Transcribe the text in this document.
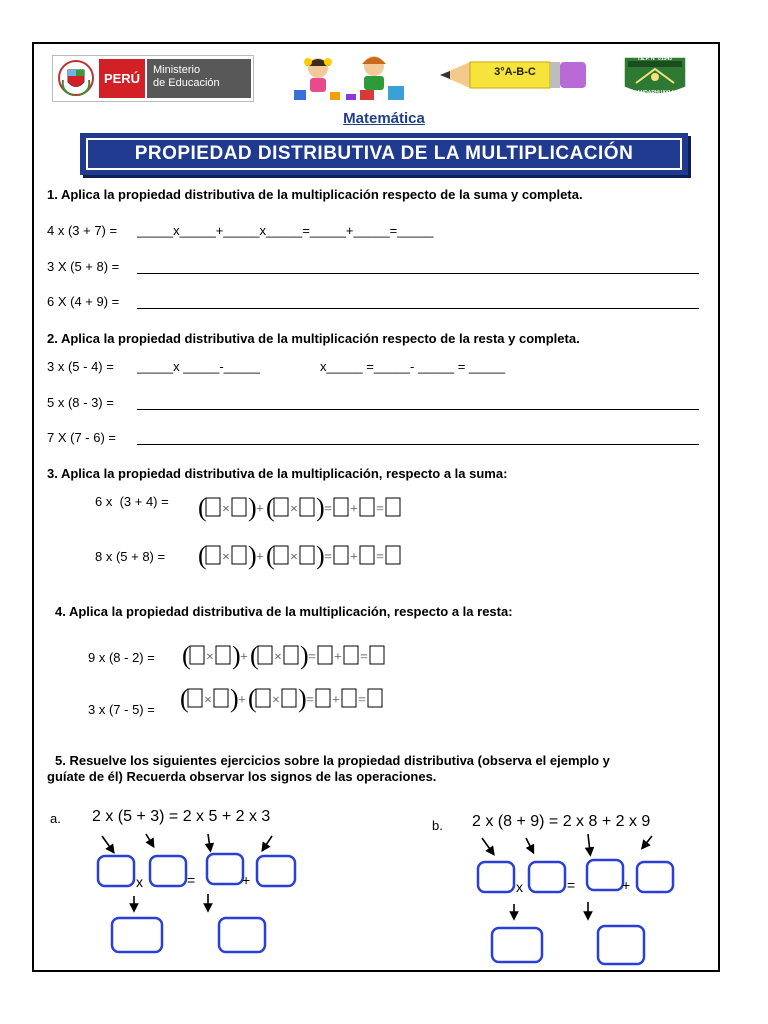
PERÚ
Ministerio
de Educación
3°A-B-C
I.E.P. N° 01543
ANDARHUAYLI
Matemática
PROPIEDAD DISTRIBUTIVA DE LA MULTIPLICACIÓN
1. Aplica la propiedad distributiva de la multiplicación respecto de la suma y completa.
4 x (3 + 7) = _____x_____+_____x_____=_____+_____=_____
3 X (5 + 8) =
6 X (4 + 9) =
2. Aplica la propiedad distributiva de la multiplicación respecto de la resta y completa.
3 x (5 - 4) = _____x _____-_____	x_____ =_____- _____ = _____
5 x (8 - 3) =
7 X (7 - 6) =
3. Aplica la propiedad distributiva de la multiplicación, respecto a la suma:
6 x  (3 + 4) = ( × ) + ( × ) = + =
8 x (5 + 8) = ( × ) + ( × ) = + =
4. Aplica la propiedad distributiva de la multiplicación, respecto a la resta:
9 x (8 - 2) = ( × ) + ( × ) = + =
3 x (7 - 5) = ( × ) + ( × ) = + =
5. Resuelve los siguientes ejercicios sobre la propiedad distributiva (observa el ejemplo y
guíate de él) Recuerda observar los signos de las operaciones.
a. 2 x (5 + 3) = 2 x 5 + 2 x 3
b. 2 x (8 + 9) = 2 x 8 + 2 x 9
x	=	+	x	=	+
